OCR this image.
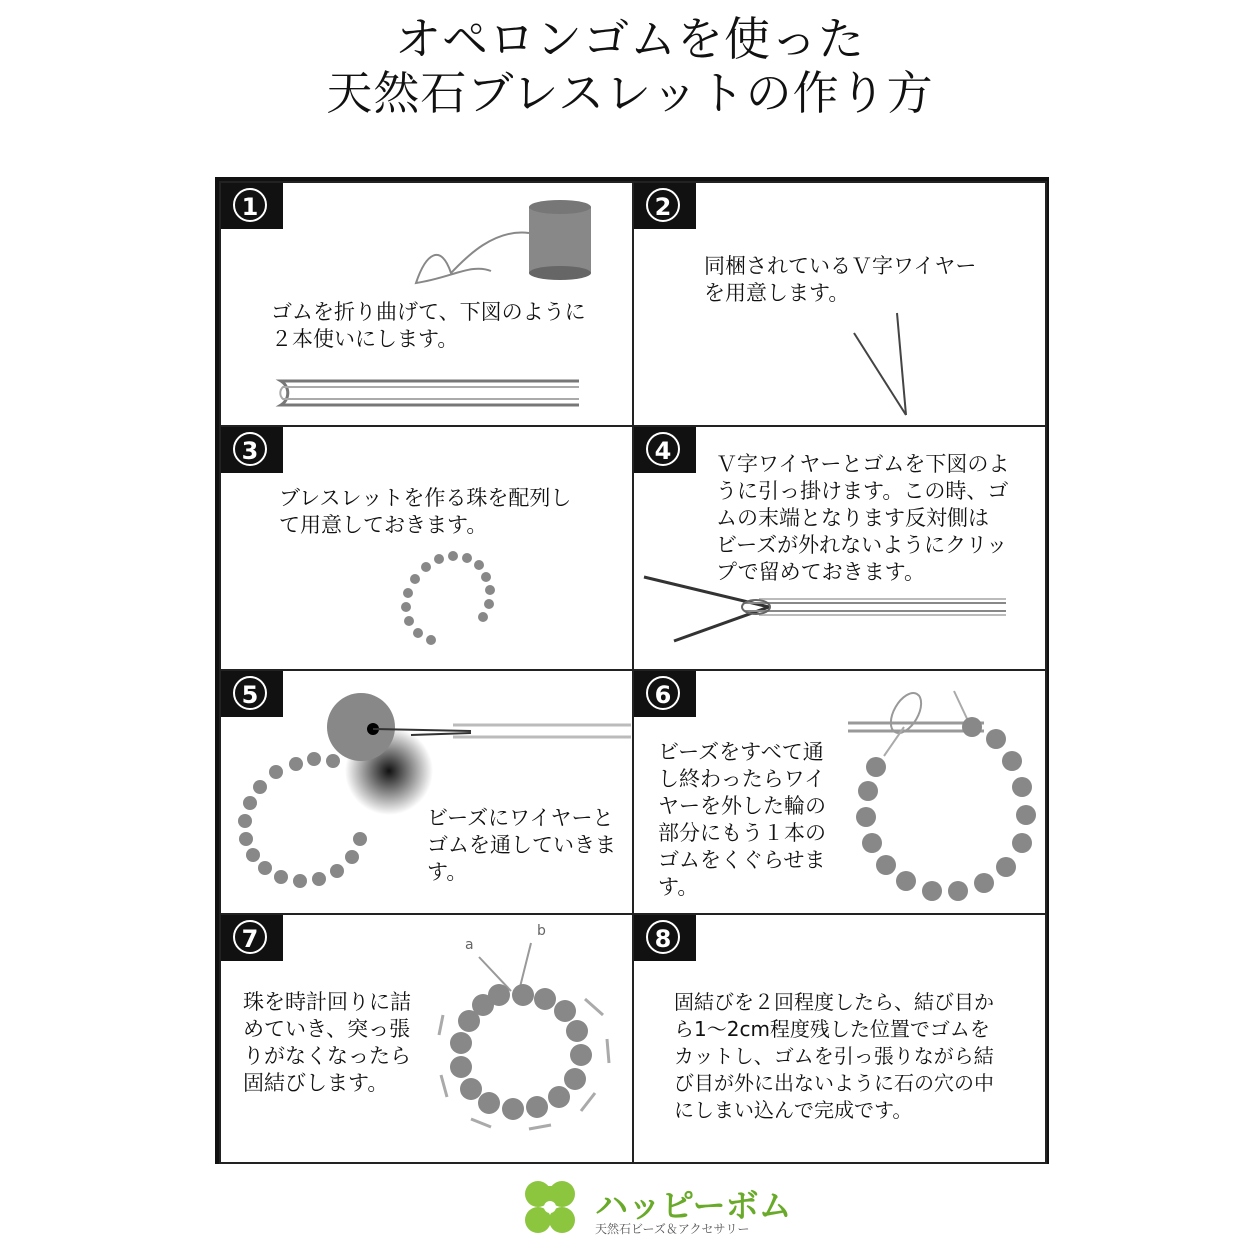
オペロンゴムを使った
天然石ブレスレットの作り方
1
ゴムを折り曲げて、下図のように
２本使いにします。
2
同梱されているＶ字ワイヤー
を用意します。
3
ブレスレットを作る珠を配列し
て用意しておきます。
4	Ｖ字ワイヤーとゴムを下図のよ
うに引っ掛けます。この時、ゴ
ムの末端となります反対側は
ビーズが外れないようにクリッ
プで留めておきます。
5
ビーズにワイヤーと
ゴムを通していきま
す。
6
ビーズをすべて通
し終わったらワイ
ヤーを外した輪の
部分にもう１本の
ゴムをくぐらせま
す。
7	a
b
珠を時計回りに詰
めていき、突っ張
りがなくなったら
固結びします。
8
固結びを２回程度したら、結び目か
ら1～2cm程度残した位置でゴムを
カットし、ゴムを引っ張りながら結
び目が外に出ないように石の穴の中
にしまい込んで完成です。
ハッピーボム
天然石ビーズ＆アクセサリー
